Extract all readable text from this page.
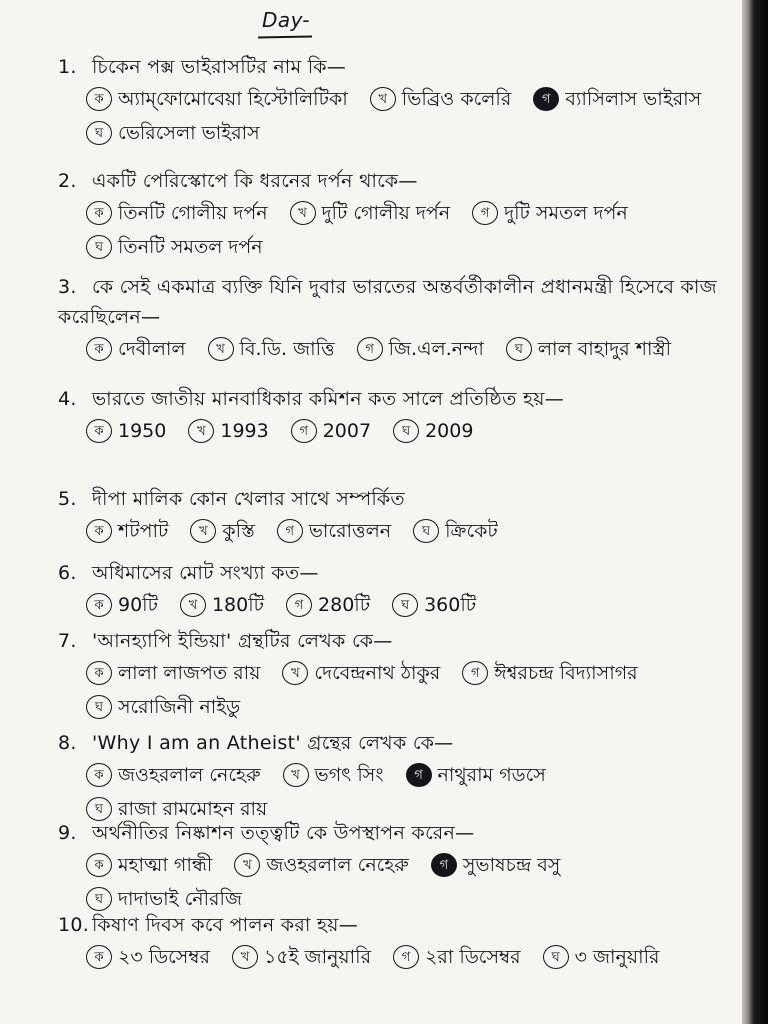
Day-
1. চিকেন পক্স ভাইরাসটির নাম কি—
ক অ্যাম্‌ফোমোবেয়া হিস্টোলিটিকা	খ ভিব্রিও কলেরি	গ ব্যাসিলাস ভাইরাস
ঘ ভেরিসেলা ভাইরাস
2. একটি পেরিস্কোপে কি ধরনের দর্পন থাকে—
ক তিনটি গোলীয় দর্পন	খ দুটি গোলীয় দর্পন	গ দুটি সমতল দর্পন
ঘ তিনটি সমতল দর্পন
3. কে সেই একমাত্র ব্যক্তি যিনি দুবার ভারতের অন্তর্বর্তীকালীন প্রধানমন্ত্রী হিসেবে কাজ করেছিলেন—
ক দেবীলাল	খ বি.ডি. জাত্তি	গ জি.এল.নন্দা	ঘ লাল বাহাদুর শাস্ত্রী
4. ভারতে জাতীয় মানবাধিকার কমিশন কত সালে প্রতিষ্ঠিত হয়—
ক 1950	খ 1993	গ 2007	ঘ 2009
5. দীপা মালিক কোন খেলার সাথে সম্পর্কিত
ক শটপাট	খ কুস্তি	গ ভারোত্তলন	ঘ ক্রিকেট
6. অধিমাসের মোট সংখ্যা কত—
ক 90টি	খ 180টি	গ 280টি	ঘ 360টি
7. 'আনহ্যাপি ইন্ডিয়া' গ্রন্থটির লেখক কে—
ক লালা লাজপত রায়	খ দেবেন্দ্রনাথ ঠাকুর	গ ঈশ্বরচন্দ্র বিদ্যাসাগর
ঘ সরোজিনী নাইডু
8. 'Why I am an Atheist' গ্রন্থের লেখক কে—
ক জওহরলাল নেহেরু	খ ভগৎ সিং	গ নাথুরাম গডসে
ঘ রাজা রামমোহন রায়
9. অর্থনীতির নিষ্কাশন তত্ত্বটি কে উপস্থাপন করেন—
ক মহাত্মা গান্ধী	খ জওহরলাল নেহেরু	গ সুভাষচন্দ্র বসু
ঘ দাদাভাই নৌরজি
10. কিষাণ দিবস কবে পালন করা হয়—
ক ২৩ ডিসেম্বর	খ ১৫ই জানুয়ারি	গ ২রা ডিসেম্বর	ঘ ৩ জানুয়ারি
